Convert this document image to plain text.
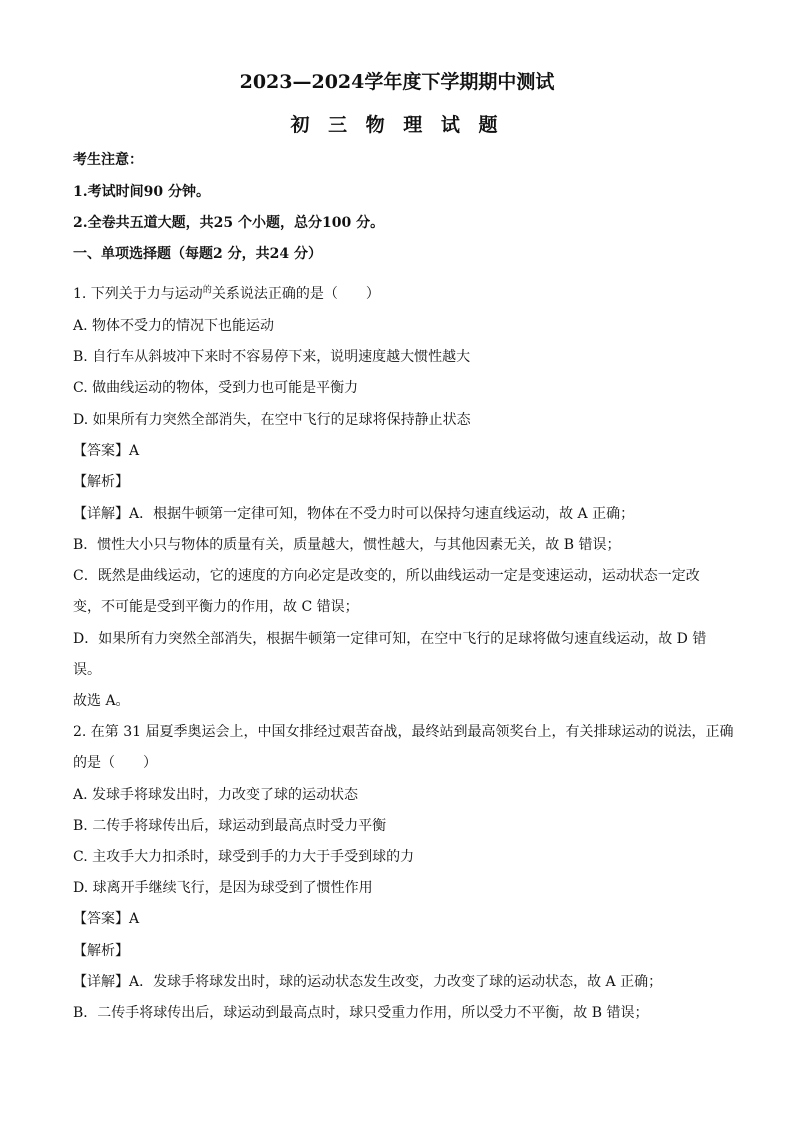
2023—2024学年度下学期期中测试
初 三 物 理 试 题
考生注意：
1.考试时间90 分钟。
2.全卷共五道大题，共25 个小题，总分100 分。
一、单项选择题（每题2 分，共24 分）
1. 下列关于力与运动$^的$关系说法正确的是（　　）
A. 物体不受力的情况下也能运动
B. 自行车从斜坡冲下来时不容易停下来，说明速度越大惯性越大
C. 做曲线运动的物体，受到力也可能是平衡力
D. 如果所有力突然全部消失，在空中飞行的足球将保持静止状态
【答案】A
【解析】
【详解】A．根据牛顿第一定律可知，物体在不受力时可以保持匀速直线运动，故 A 正确；
B．惯性大小只与物体的质量有关，质量越大，惯性越大，与其他因素无关，故 B 错误；
C．既然是曲线运动，它的速度的方向必定是改变的，所以曲线运动一定是变速运动，运动状态一定改
变，不可能是受到平衡力的作用，故 C 错误；
D．如果所有力突然全部消失，根据牛顿第一定律可知，在空中飞行的足球将做匀速直线运动，故 D 错
误。
故选 A。
2. 在第 31 届夏季奥运会上，中国女排经过艰苦奋战，最终站到最高领奖台上，有关排球运动的说法，正确
的是（　　）
A. 发球手将球发出时，力改变了球的运动状态
B. 二传手将球传出后，球运动到最高点时受力平衡
C. 主攻手大力扣杀时，球受到手的力大于手受到球的力
D. 球离开手继续飞行，是因为球受到了惯性作用
【答案】A
【解析】
【详解】A．发球手将球发出时，球的运动状态发生改变，力改变了球的运动状态，故 A 正确；
B．二传手将球传出后，球运动到最高点时，球只受重力作用，所以受力不平衡，故 B 错误；
